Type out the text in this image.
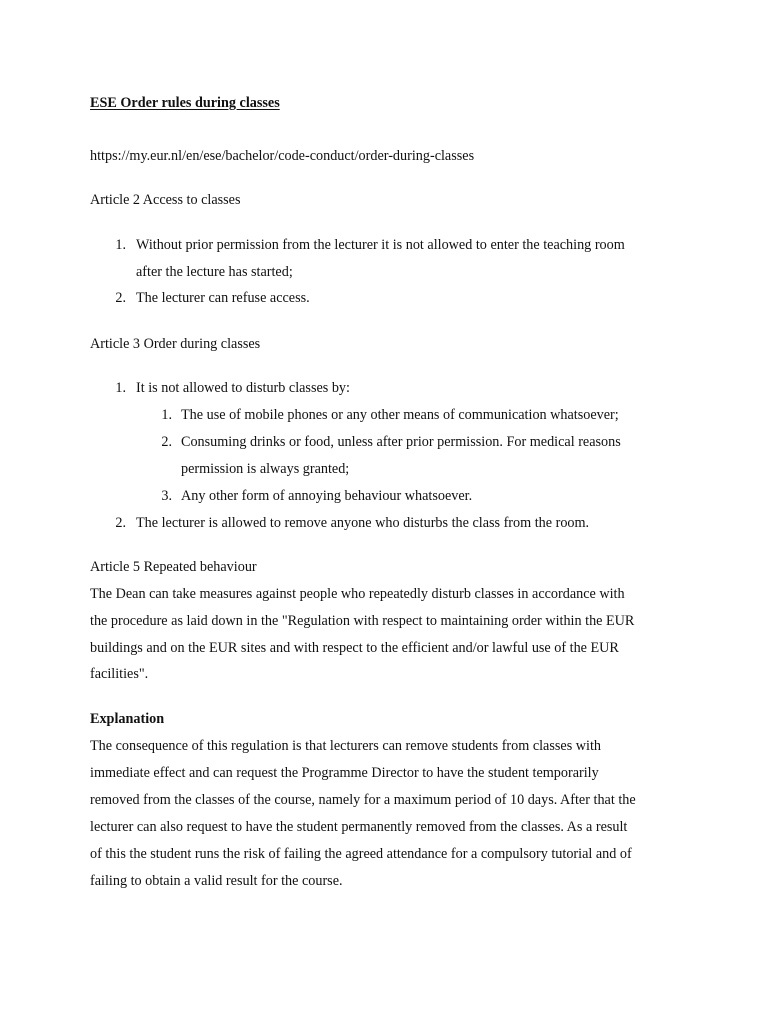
ESE Order rules during classes
https://my.eur.nl/en/ese/bachelor/code-conduct/order-during-classes
Article 2 Access to classes
1. Without prior permission from the lecturer it is not allowed to enter the teaching room
after the lecture has started;
2. The lecturer can refuse access.
Article 3 Order during classes
1. It is not allowed to disturb classes by:
1. The use of mobile phones or any other means of communication whatsoever;
2. Consuming drinks or food, unless after prior permission. For medical reasons
permission is always granted;
3. Any other form of annoying behaviour whatsoever.
2. The lecturer is allowed to remove anyone who disturbs the class from the room.
Article 5 Repeated behaviour
The Dean can take measures against people who repeatedly disturb classes in accordance with
the procedure as laid down in the "Regulation with respect to maintaining order within the EUR
buildings and on the EUR sites and with respect to the efficient and/or lawful use of the EUR
facilities".
Explanation
The consequence of this regulation is that lecturers can remove students from classes with
immediate effect and can request the Programme Director to have the student temporarily
removed from the classes of the course, namely for a maximum period of 10 days. After that the
lecturer can also request to have the student permanently removed from the classes. As a result
of this the student runs the risk of failing the agreed attendance for a compulsory tutorial and of
failing to obtain a valid result for the course.
